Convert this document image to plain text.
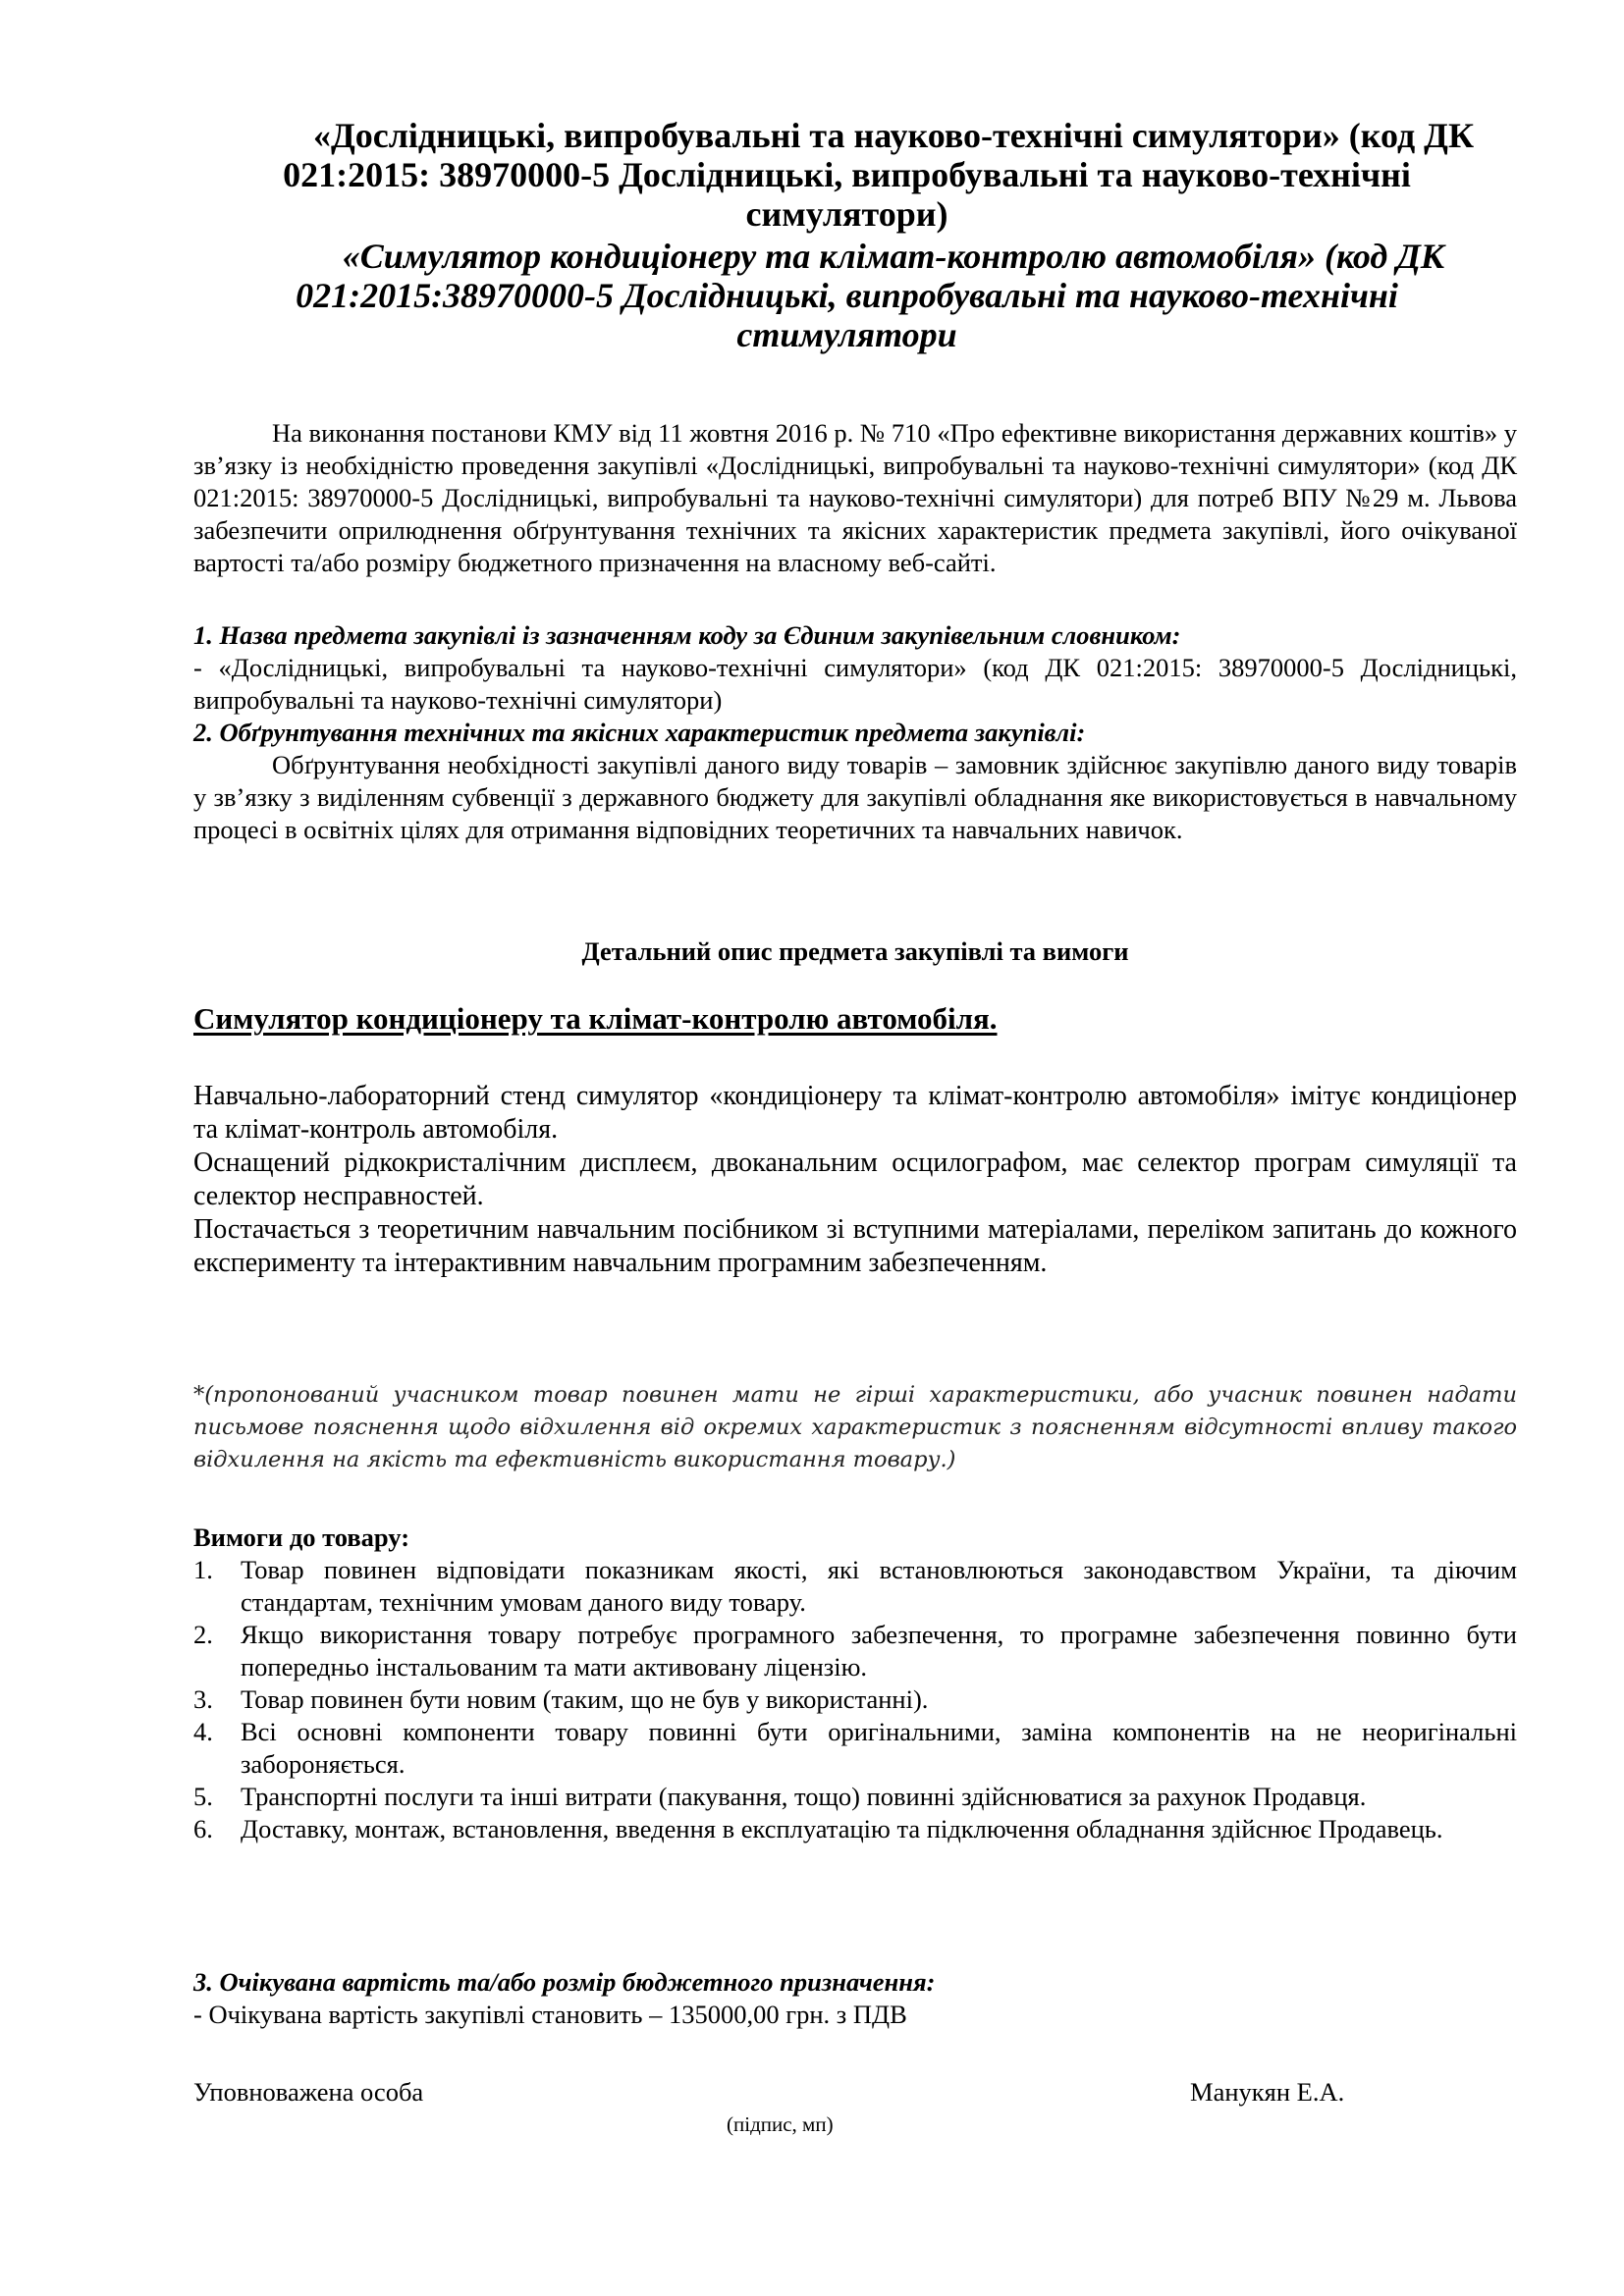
«Дослідницькі, випробувальні та науково-технічні симулятори» (код ДК 021:2015: 38970000-5 Дослідницькі, випробувальні та науково-технічні симулятори)

«Симулятор кондиціонеру та клімат-контролю автомобіля» (код ДК 021:2015:38970000-5 Дослідницькі, випробувальні та науково-технічні стимулятори

На виконання постанови КМУ від 11 жовтня 2016 р. № 710 «Про ефективне використання державних коштів» у зв’язку із необхідністю проведення закупівлі «Дослідницькі, випробувальні та науково-технічні симулятори» (код ДК 021:2015: 38970000-5 Дослідницькі, випробувальні та науково-технічні симулятори) для потреб ВПУ №29 м. Львова забезпечити оприлюднення обґрунтування технічних та якісних характеристик предмета закупівлі, його очікуваної вартості та/або розміру бюджетного призначення на власному веб-сайті.

1. Назва предмета закупівлі із зазначенням коду за Єдиним закупівельним словником:

- «Дослідницькі, випробувальні та науково-технічні симулятори» (код ДК 021:2015: 38970000-5 Дослідницькі, випробувальні та науково-технічні симулятори)

2. Обґрунтування технічних та якісних характеристик предмета закупівлі:

Обґрунтування необхідності закупівлі даного виду товарів – замовник здійснює закупівлю даного виду товарів у зв’язку з виділенням субвенції з державного бюджету для закупівлі обладнання яке використовується в навчальному процесі в освітніх цілях для отримання відповідних теоретичних та навчальних навичок.

Детальний опис предмета закупівлі та вимоги

Симулятор кондиціонеру та клімат-контролю автомобіля.

Навчально-лабораторний стенд симулятор «кондиціонеру та клімат-контролю автомобіля» імітує кондиціонер та клімат-контроль автомобіля.

Оснащений рідкокристалічним дисплеєм, двоканальним осцилографом, має селектор програм симуляції та селектор несправностей.

Постачається з теоретичним навчальним посібником зі вступними матеріалами, переліком запитань до кожного експерименту та інтерактивним навчальним програмним забезпеченням.

*(пропонований учасником товар повинен мати не гірші характеристики, або учасник повинен надати письмове пояснення щодо відхилення від окремих характеристик з поясненням відсутності впливу такого відхилення на якість та ефективність використання товару.)

Вимоги до товару:

1. Товар повинен відповідати показникам якості, які встановлюються законодавством України, та діючим стандартам, технічним умовам даного виду товару.
2. Якщо використання товару потребує програмного забезпечення, то програмне забезпечення повинно бути попередньо інстальованим та мати активовану ліцензію.
3. Товар повинен бути новим (таким, що не був у використанні).
4. Всі основні компоненти товару повинні бути оригінальними, заміна компонентів на не неоригінальні забороняється.
5. Транспортні послуги та інші витрати (пакування, тощо) повинні здійснюватися за рахунок Продавця.
6. Доставку, монтаж, встановлення, введення в експлуатацію та підключення обладнання здійснює Продавець.

3. Очікувана вартість та/або розмір бюджетного призначення:

- Очікувана вартість закупівлі становить – 135000,00 грн. з ПДВ

Уповноважена особа	Манукян Е.А.

(підпис, мп)
